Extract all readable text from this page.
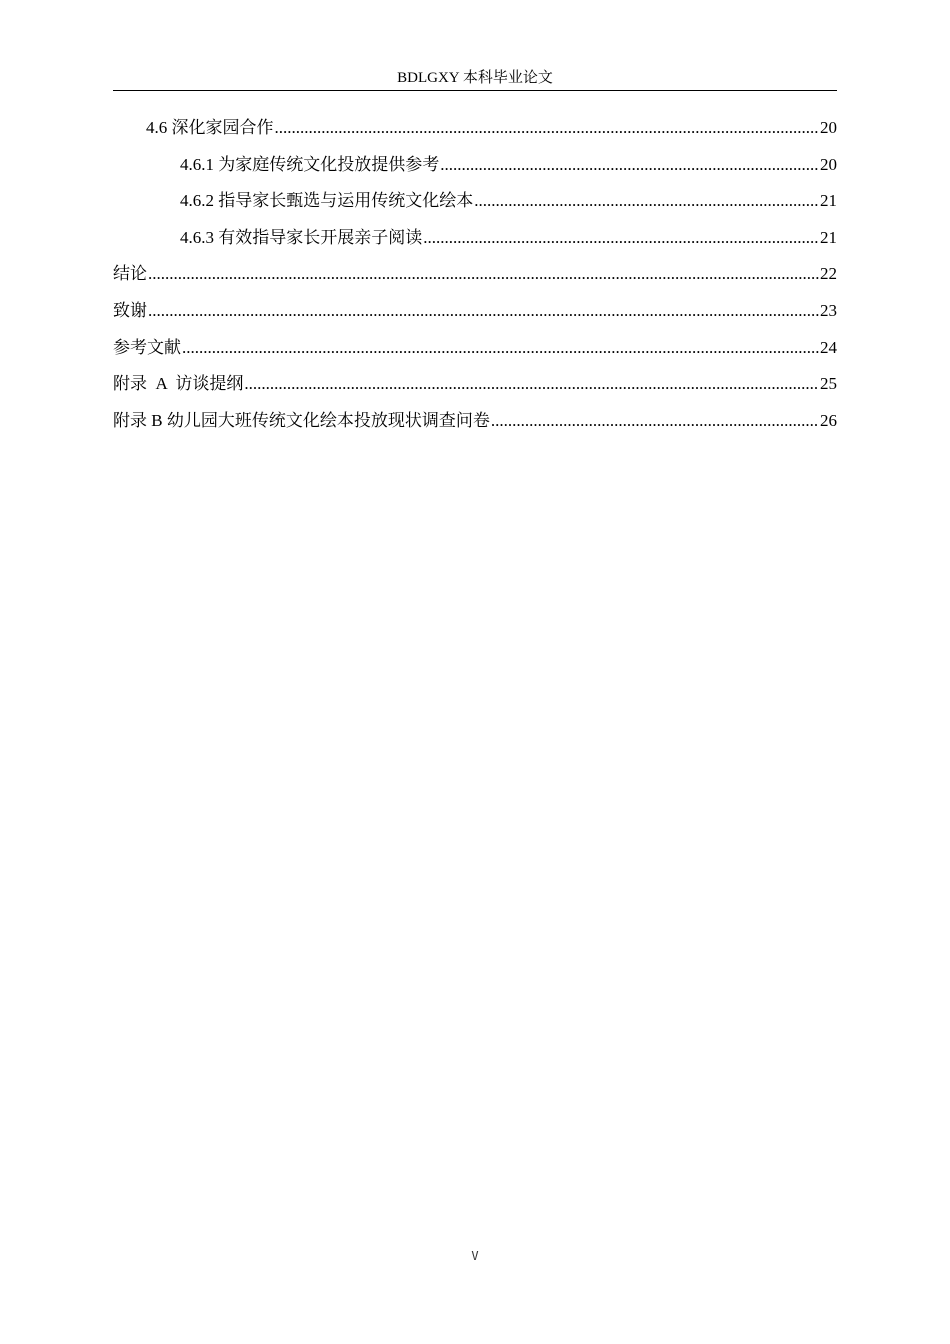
BDLGXY 本科毕业论文
4.6 深化家园合作 .....	20
4.6.1 为家庭传统文化投放提供参考 .....	20
4.6.2 指导家长甄选与运用传统文化绘本 .....	21
4.6.3 有效指导家长开展亲子阅读 .....	21
结论 .....	22
致谢 .....	23
参考文献 .....	24
附录  A  访谈提纲 .....	25
附录 B 幼儿园大班传统文化绘本投放现状调查问卷 .....	26
V
